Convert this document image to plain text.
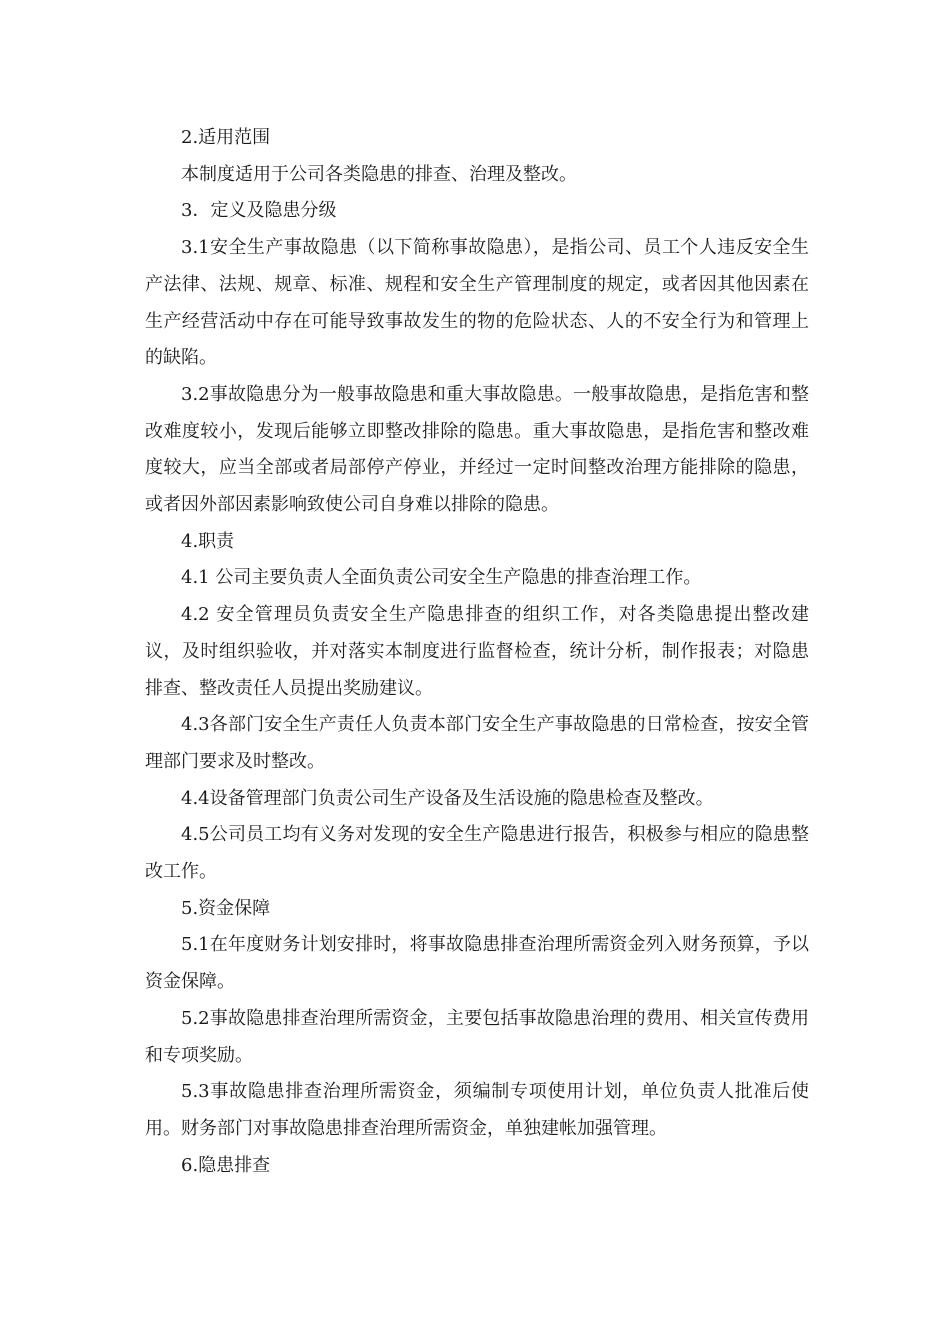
2.适用范围

本制度适用于公司各类隐患的排查、治理及整改。

3．定义及隐患分级

3.1安全生产事故隐患（以下简称事故隐患），是指公司、员工个人违反安全生产法律、法规、规章、标准、规程和安全生产管理制度的规定，或者因其他因素在生产经营活动中存在可能导致事故发生的物的危险状态、人的不安全行为和管理上的缺陷。

3.2事故隐患分为一般事故隐患和重大事故隐患。一般事故隐患，是指危害和整改难度较小，发现后能够立即整改排除的隐患。重大事故隐患，是指危害和整改难度较大，应当全部或者局部停产停业，并经过一定时间整改治理方能排除的隐患，或者因外部因素影响致使公司自身难以排除的隐患。

4.职责

4.1 公司主要负责人全面负责公司安全生产隐患的排查治理工作。

4.2 安全管理员负责安全生产隐患排查的组织工作，对各类隐患提出整改建议，及时组织验收，并对落实本制度进行监督检查，统计分析，制作报表；对隐患排查、整改责任人员提出奖励建议。

4.3各部门安全生产责任人负责本部门安全生产事故隐患的日常检查，按安全管理部门要求及时整改。

4.4设备管理部门负责公司生产设备及生活设施的隐患检查及整改。

4.5公司员工均有义务对发现的安全生产隐患进行报告，积极参与相应的隐患整改工作。

5.资金保障

5.1在年度财务计划安排时，将事故隐患排查治理所需资金列入财务预算，予以资金保障。

5.2事故隐患排查治理所需资金，主要包括事故隐患治理的费用、相关宣传费用和专项奖励。

5.3事故隐患排查治理所需资金，须编制专项使用计划，单位负责人批准后使用。财务部门对事故隐患排查治理所需资金，单独建帐加强管理。

6.隐患排查
